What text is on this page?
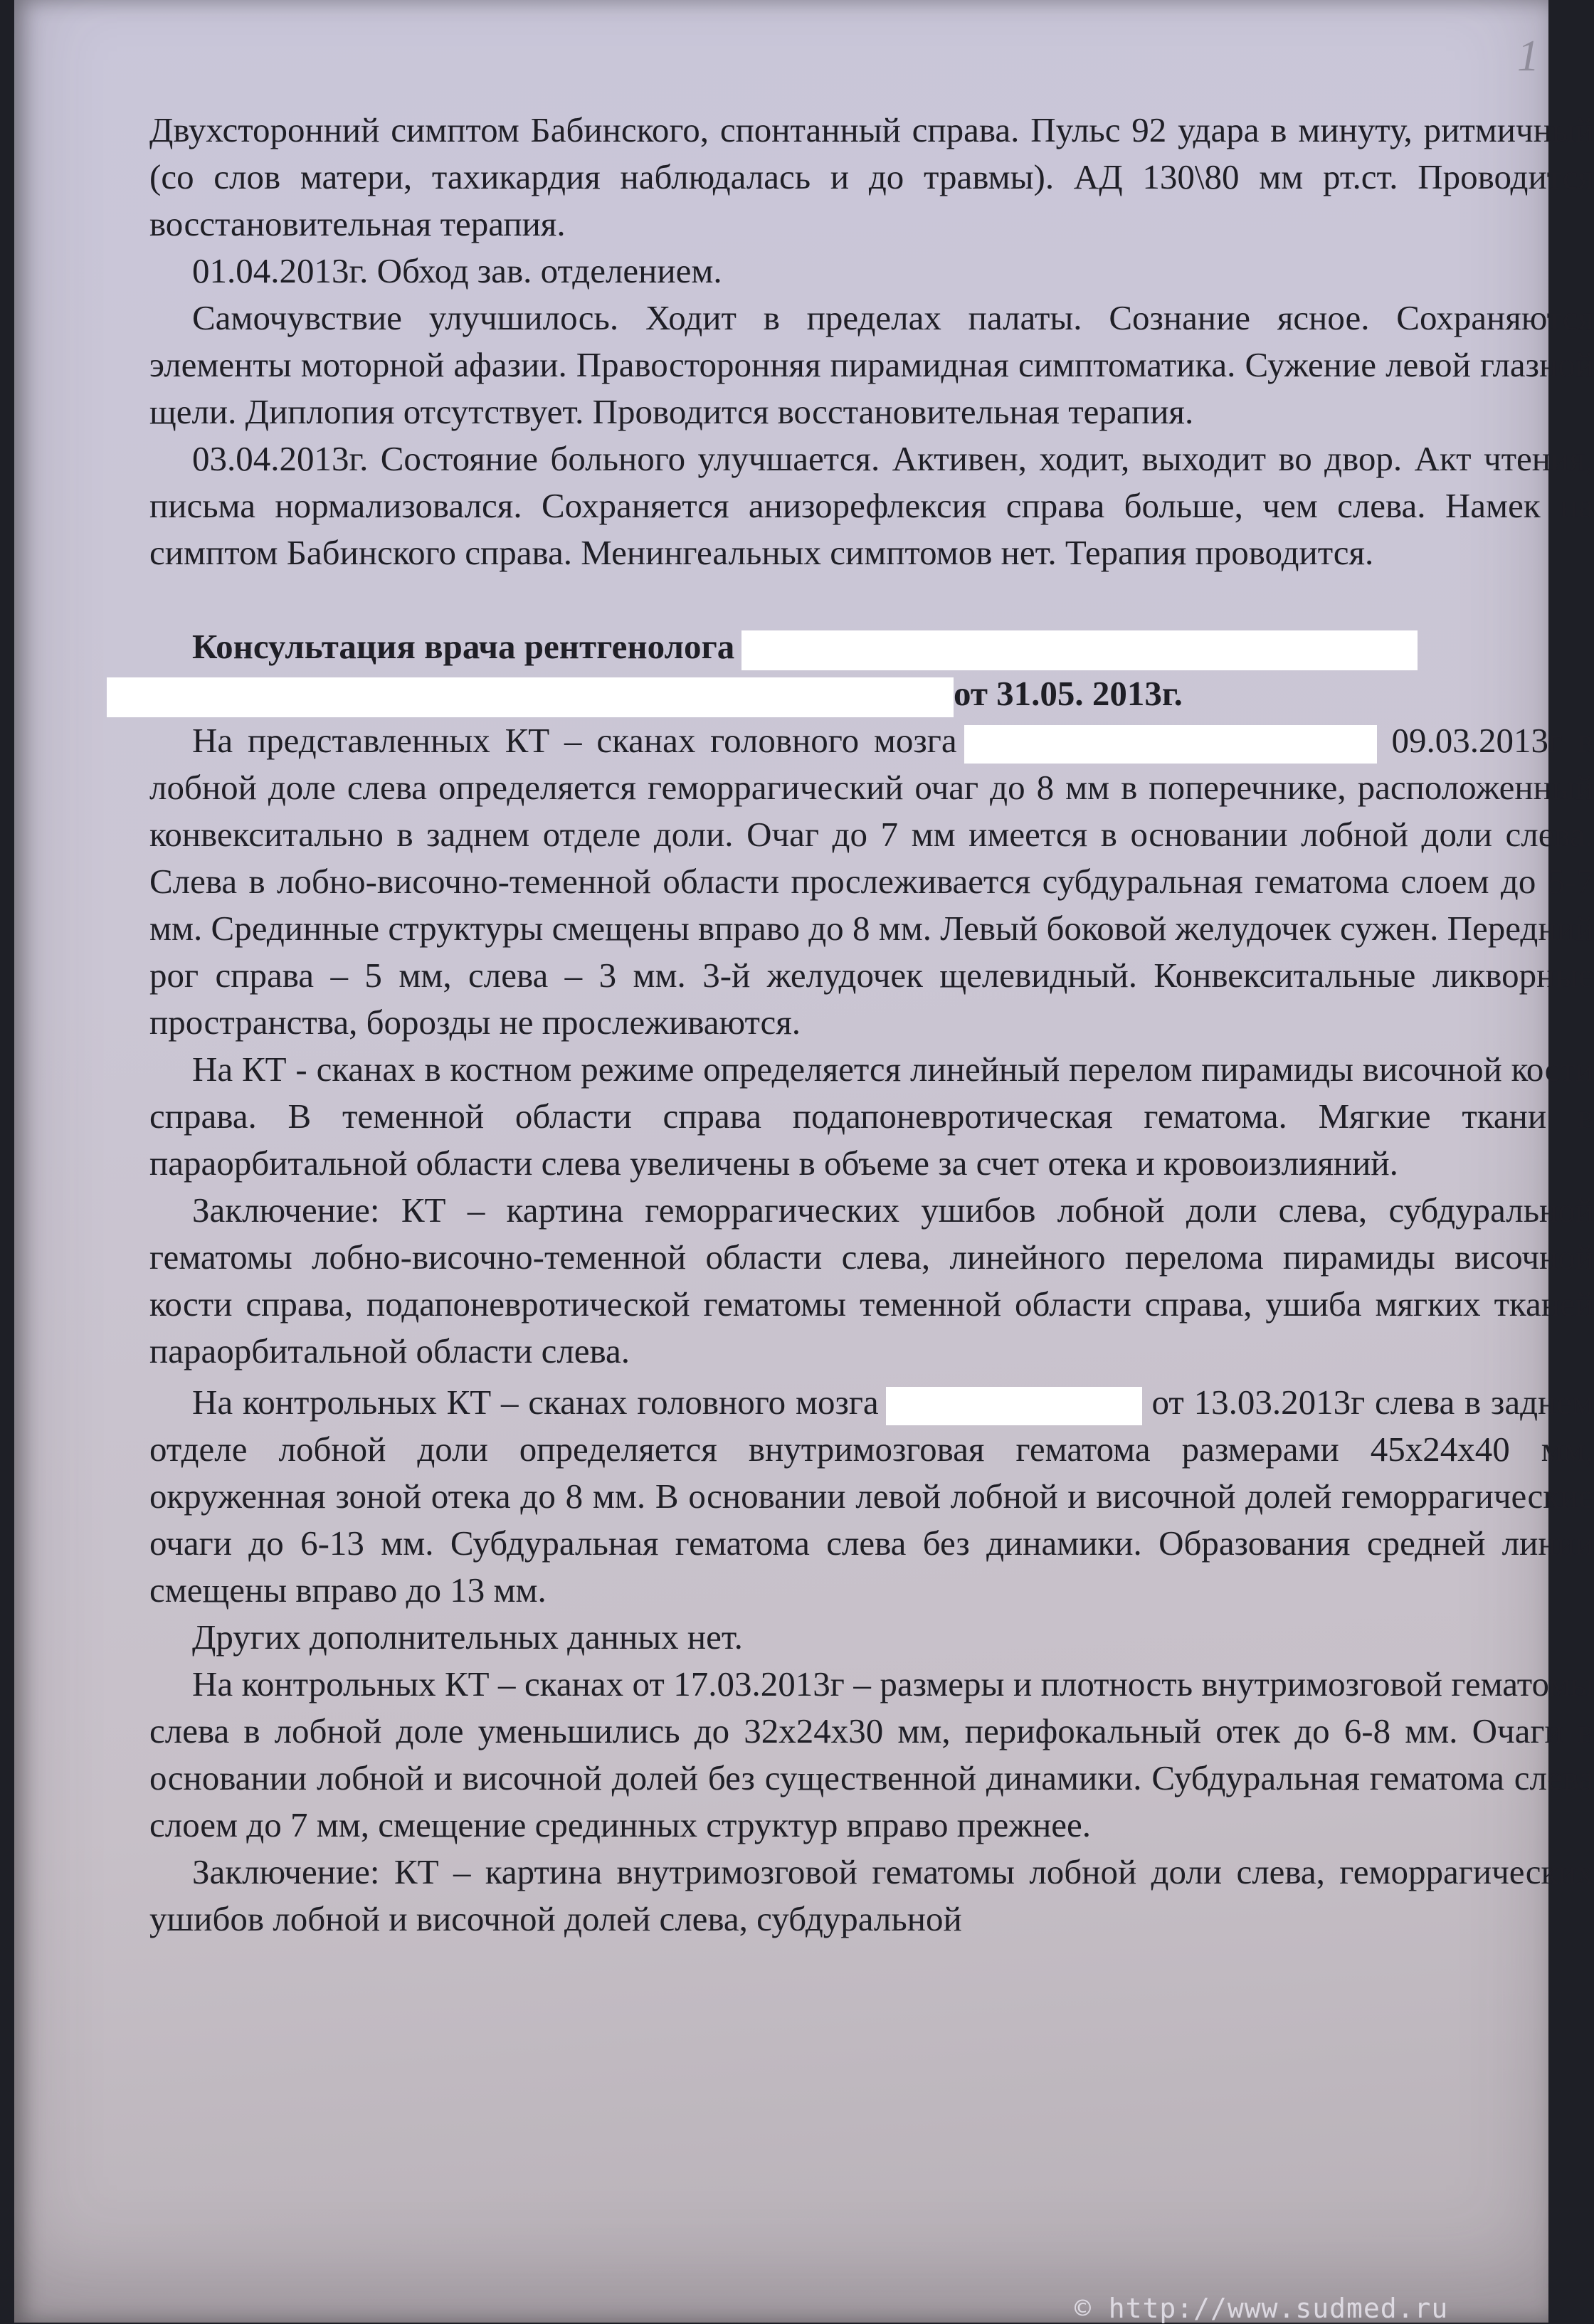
1

Двухсторонний симптом Бабинского, спонтанный справа. Пульс 92 удара в минуту, ритмичный (со слов матери, тахикардия наблюдалась и до травмы). АД 130\80 мм рт.ст. Проводится восстановительная терапия.

01.04.2013г. Обход зав. отделением.

Самочувствие улучшилось. Ходит в пределах палаты. Сознание ясное. Сохраняются элементы моторной афазии. Правосторонняя пирамидная симптоматика. Сужение левой глазной щели. Диплопия отсутствует. Проводится восстановительная терапия.

03.04.2013г. Состояние больного улучшается. Активен, ходит, выходит во двор. Акт чтения, письма нормализовался. Сохраняется анизорефлексия справа больше, чем слева. Намек на симптом Бабинского справа. Менингеальных симптомов нет. Терапия проводится.

Консультация врача рентгенолога
от 31.05. 2013г.

На представленных КТ – сканах головного мозга	09.03.2013г в лобной доле слева определяется геморрагический очаг до 8 мм в поперечнике, расположенный конвекситально в заднем отделе доли. Очаг до 7 мм имеется в основании лобной доли слева. Слева в лобно-височно-теменной области прослеживается субдуральная гематома слоем до 5-7 мм. Срединные структуры смещены вправо до 8 мм. Левый боковой желудочек сужен. Передний рог справа – 5 мм, слева – 3 мм. 3-й желудочек щелевидный. Конвекситальные ликворные пространства, борозды не прослеживаются.

На КТ - сканах в костном режиме определяется линейный перелом пирамиды височной кости справа. В теменной области справа подапоневротическая гематома. Мягкие ткани в параорбитальной области слева увеличены в объеме за счет отека и кровоизлияний.

Заключение: КТ – картина геморрагических ушибов лобной доли слева, субдуральной гематомы лобно-височно-теменной области слева, линейного перелома пирамиды височной кости справа, подапоневротической гематомы теменной области справа, ушиба мягких тканей параорбитальной области слева.

На контрольных КТ – сканах головного мозга	от 13.03.2013г слева в заднем отделе лобной доли определяется внутримозговая гематома размерами 45х24х40 мм, окруженная зоной отека до 8 мм. В основании левой лобной и височной долей геморрагические очаги до 6-13 мм. Субдуральная гематома слева без динамики. Образования средней линии смещены вправо до 13 мм.

Других дополнительных данных нет.

На контрольных КТ – сканах от 17.03.2013г – размеры и плотность внутримозговой гематомы слева в лобной доле уменьшились до 32х24х30 мм, перифокальный отек до 6-8 мм. Очаги в основании лобной и височной долей без существенной динамики. Субдуральная гематома слева слоем до 7 мм, смещение срединных структур вправо прежнее.

Заключение: КТ – картина внутримозговой гематомы лобной доли слева, геморрагических ушибов лобной и височной долей слева, субдуральной

© http://www.sudmed.ru
